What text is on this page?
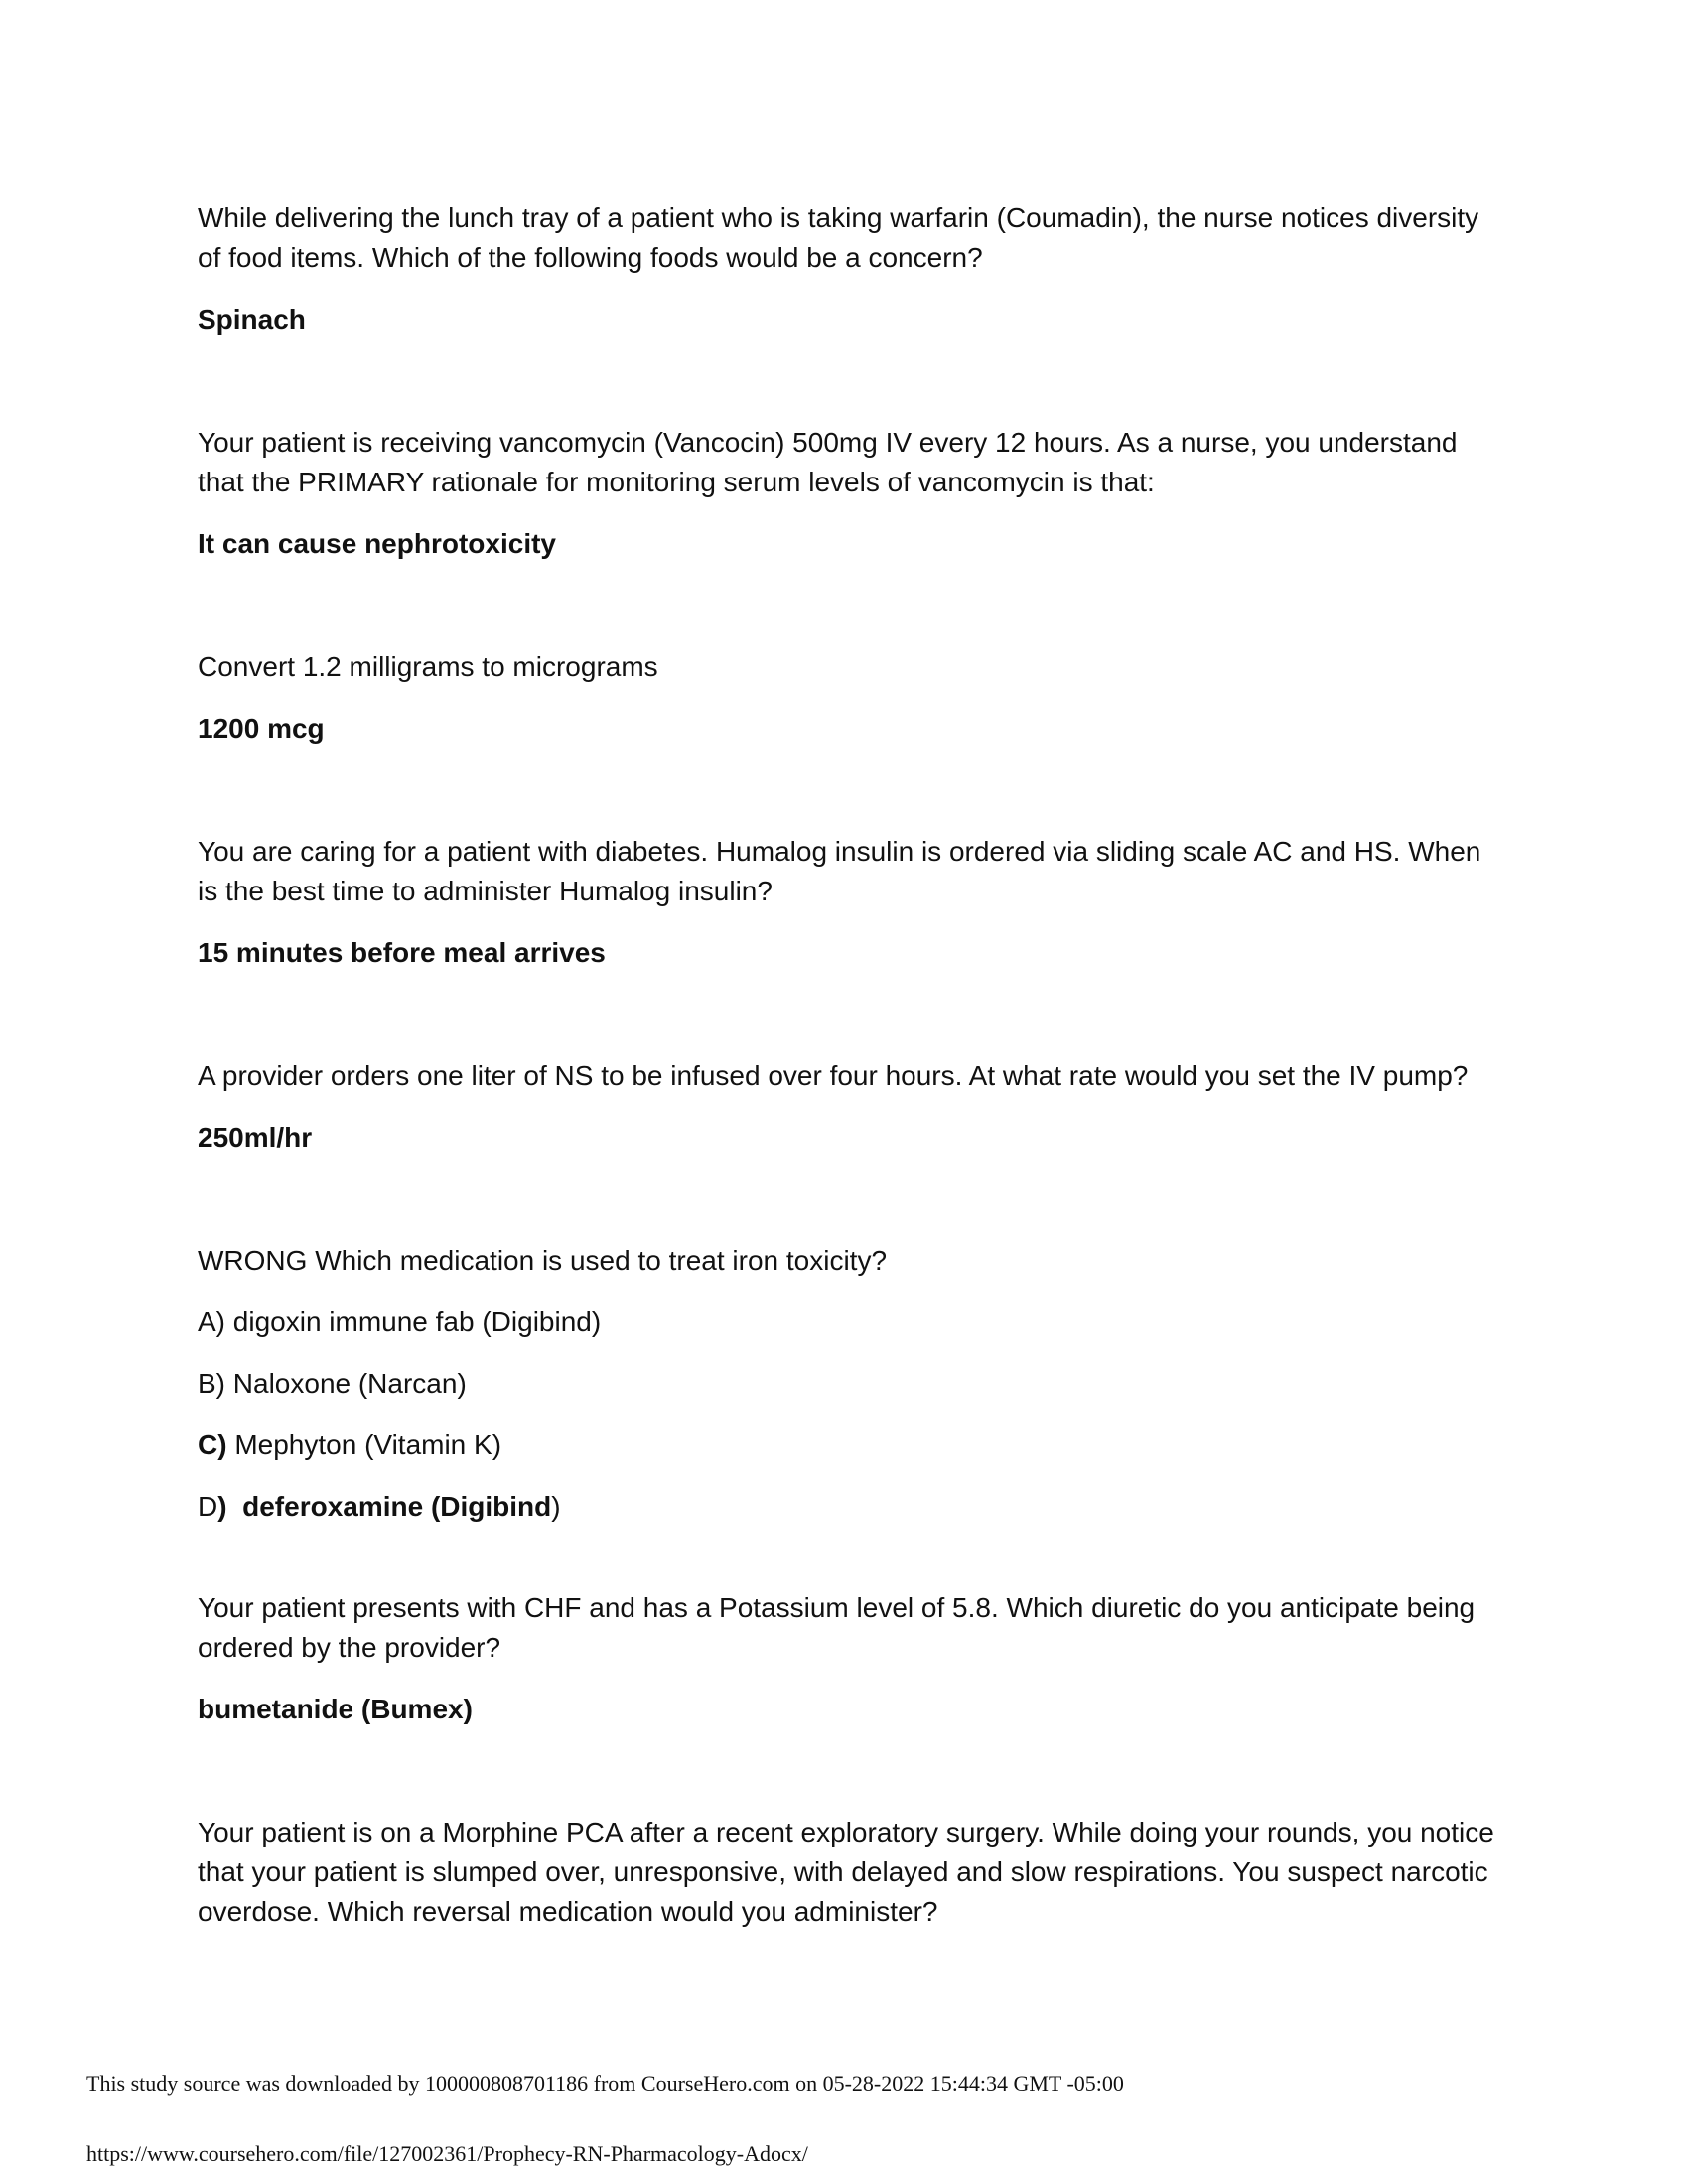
While delivering the lunch tray of a patient who is taking warfarin (Coumadin), the nurse notices diversity of food items. Which of the following foods would be a concern?

Spinach

Your patient is receiving vancomycin (Vancocin) 500mg IV every 12 hours. As a nurse, you understand that the PRIMARY rationale for monitoring serum levels of vancomycin is that:

It can cause nephrotoxicity

Convert 1.2 milligrams to micrograms

1200 mcg

You are caring for a patient with diabetes. Humalog insulin is ordered via sliding scale AC and HS. When is the best time to administer Humalog insulin?

15 minutes before meal arrives

A provider orders one liter of NS to be infused over four hours. At what rate would you set the IV pump?

250ml/hr

WRONG Which medication is used to treat iron toxicity?

A) digoxin immune fab (Digibind)

B) Naloxone (Narcan)

C) Mephyton (Vitamin K)

D)  deferoxamine (Digibind)

Your patient presents with CHF and has a Potassium level of 5.8. Which diuretic do you anticipate being ordered by the provider?

bumetanide (Bumex)

Your patient is on a Morphine PCA after a recent exploratory surgery. While doing your rounds, you notice that your patient is slumped over, unresponsive, with delayed and slow respirations. You suspect narcotic overdose. Which reversal medication would you administer?

This study source was downloaded by 100000808701186 from CourseHero.com on 05-28-2022 15:44:34 GMT -05:00
https://www.coursehero.com/file/127002361/Prophecy-RN-Pharmacology-Adocx/
